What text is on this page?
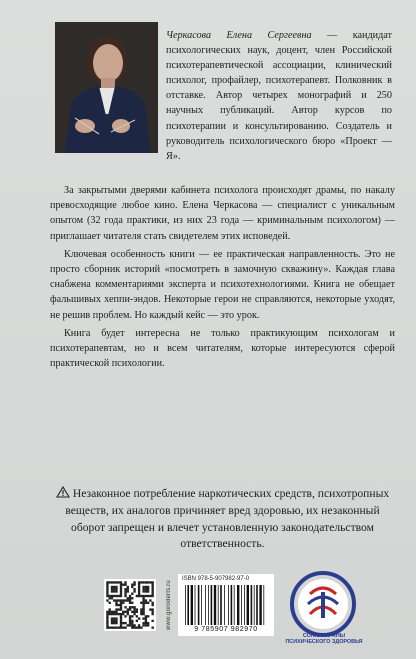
Черкасова Елена Сергеевна — кандидат психологических наук, доцент, член Российской психотерапевтической ассоциации, клинический психолог, профайлер, психотерапевт. Полковник в отставке. Автор четырех монографий и 250 научных публикаций. Автор курсов по психотерапии и консультированию. Создатель и руководитель психологического бюро «Проект — Я».

За закрытыми дверями кабинета психолога происходят драмы, по накалу превосходящие любое кино. Елена Черкасова — специалист с уникальным опытом (32 года практики, из них 23 года — криминальным психологом) — приглашает читателя стать свидетелем этих исповедей.

Ключевая особенность книги — ее практическая направленность. Это не просто сборник историй «посмотреть в замочную скважину». Каждая глава снабжена комментариями эксперта и психотехнологиями. Книга не обещает фальшивых хеппи-эндов. Некоторые герои не справляются, некоторые уходят, не решив проблем. Но каждый кейс — это урок.

Книга будет интересна не только практикующим психологам и психотерапевтам, но и всем читателям, которые интересуются сферой практической психологии.

Незаконное потребление наркотических средств, психотропных веществ, их аналогов причиняет вред здоровью, их незаконный оборот запрещен и влечет установленную законодательством ответственность.

www.goroderts.ru
ISBN 978-5-907982-97-0
9 785907 982970
СОЮЗ ОХРАНЫ
ПСИХИЧЕСКОГО ЗДОРОВЬЯ
